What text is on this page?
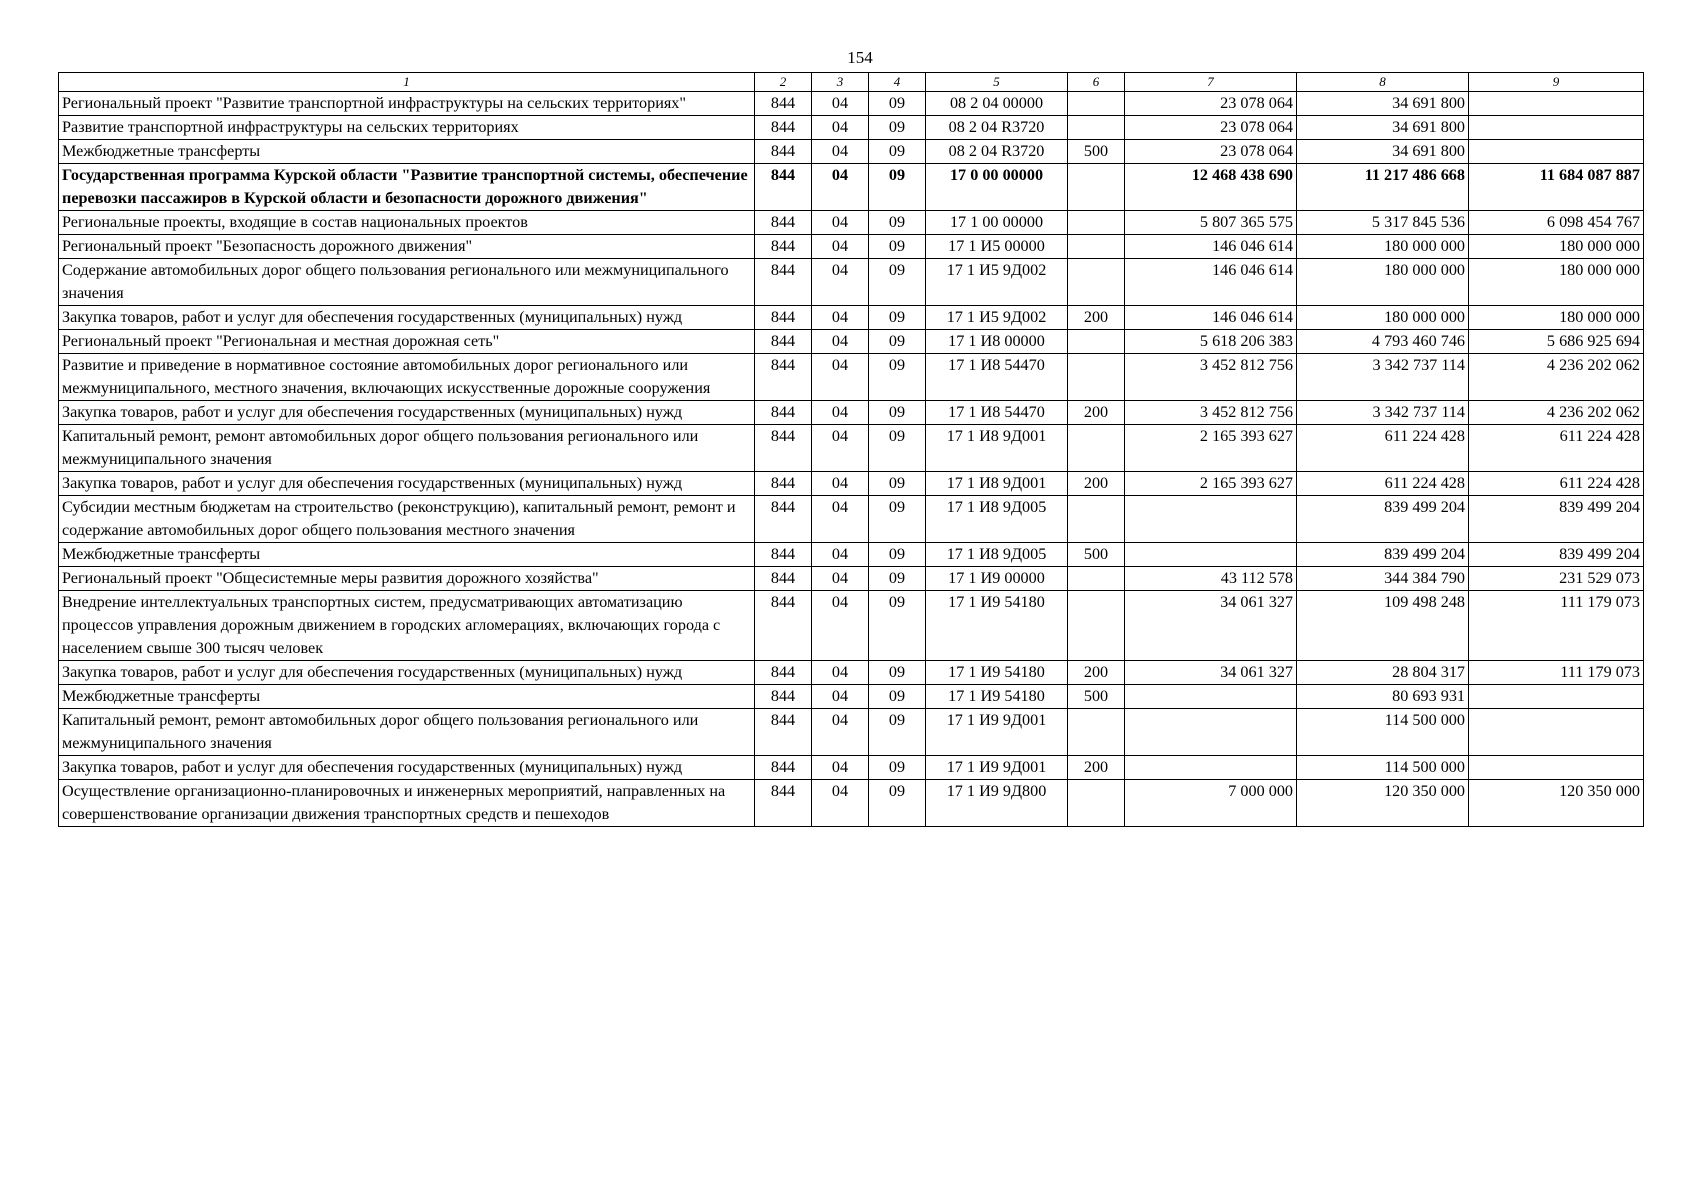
154
1	2	3	4	5	6	7	8	9
Региональный проект "Развитие транспортной инфраструктуры на сельских территориях"	844	04	09	08 2 04 00000		23 078 064	34 691 800	
Развитие транспортной инфраструктуры на сельских территориях	844	04	09	08 2 04 R3720		23 078 064	34 691 800	
Межбюджетные трансферты	844	04	09	08 2 04 R3720	500	23 078 064	34 691 800	
Государственная программа Курской области "Развитие транспортной системы, обеспечение перевозки пассажиров в Курской области и безопасности дорожного движения"	844	04	09	17 0 00 00000		12 468 438 690	11 217 486 668	11 684 087 887
Региональные проекты, входящие в состав национальных проектов	844	04	09	17 1 00 00000		5 807 365 575	5 317 845 536	6 098 454 767
Региональный проект "Безопасность дорожного движения"	844	04	09	17 1 И5 00000		146 046 614	180 000 000	180 000 000
Содержание автомобильных дорог общего пользования регионального или межмуниципального значения	844	04	09	17 1 И5 9Д002		146 046 614	180 000 000	180 000 000
Закупка товаров, работ и услуг для обеспечения государственных (муниципальных) нужд	844	04	09	17 1 И5 9Д002	200	146 046 614	180 000 000	180 000 000
Региональный проект "Региональная и местная дорожная сеть"	844	04	09	17 1 И8 00000		5 618 206 383	4 793 460 746	5 686 925 694
Развитие и приведение в нормативное состояние автомобильных дорог регионального или межмуниципального, местного значения, включающих искусственные дорожные сооружения	844	04	09	17 1 И8 54470		3 452 812 756	3 342 737 114	4 236 202 062
Закупка товаров, работ и услуг для обеспечения государственных (муниципальных) нужд	844	04	09	17 1 И8 54470	200	3 452 812 756	3 342 737 114	4 236 202 062
Капитальный ремонт, ремонт автомобильных дорог общего пользования регионального или межмуниципального значения	844	04	09	17 1 И8 9Д001		2 165 393 627	611 224 428	611 224 428
Закупка товаров, работ и услуг для обеспечения государственных (муниципальных) нужд	844	04	09	17 1 И8 9Д001	200	2 165 393 627	611 224 428	611 224 428
Субсидии местным бюджетам на строительство (реконструкцию), капитальный ремонт, ремонт и содержание автомобильных дорог общего пользования местного значения	844	04	09	17 1 И8 9Д005			839 499 204	839 499 204
Межбюджетные трансферты	844	04	09	17 1 И8 9Д005	500		839 499 204	839 499 204
Региональный проект "Общесистемные меры развития дорожного хозяйства"	844	04	09	17 1 И9 00000		43 112 578	344 384 790	231 529 073
Внедрение интеллектуальных транспортных систем, предусматривающих автоматизацию процессов управления дорожным движением в городских агломерациях, включающих города с населением свыше 300 тысяч человек	844	04	09	17 1 И9 54180		34 061 327	109 498 248	111 179 073
Закупка товаров, работ и услуг для обеспечения государственных (муниципальных) нужд	844	04	09	17 1 И9 54180	200	34 061 327	28 804 317	111 179 073
Межбюджетные трансферты	844	04	09	17 1 И9 54180	500		80 693 931	
Капитальный ремонт, ремонт автомобильных дорог общего пользования регионального или межмуниципального значения	844	04	09	17 1 И9 9Д001			114 500 000	
Закупка товаров, работ и услуг для обеспечения государственных (муниципальных) нужд	844	04	09	17 1 И9 9Д001	200		114 500 000	
Осуществление организационно-планировочных и инженерных мероприятий, направленных на совершенствование организации движения транспортных средств и пешеходов	844	04	09	17 1 И9 9Д800		7 000 000	120 350 000	120 350 000
